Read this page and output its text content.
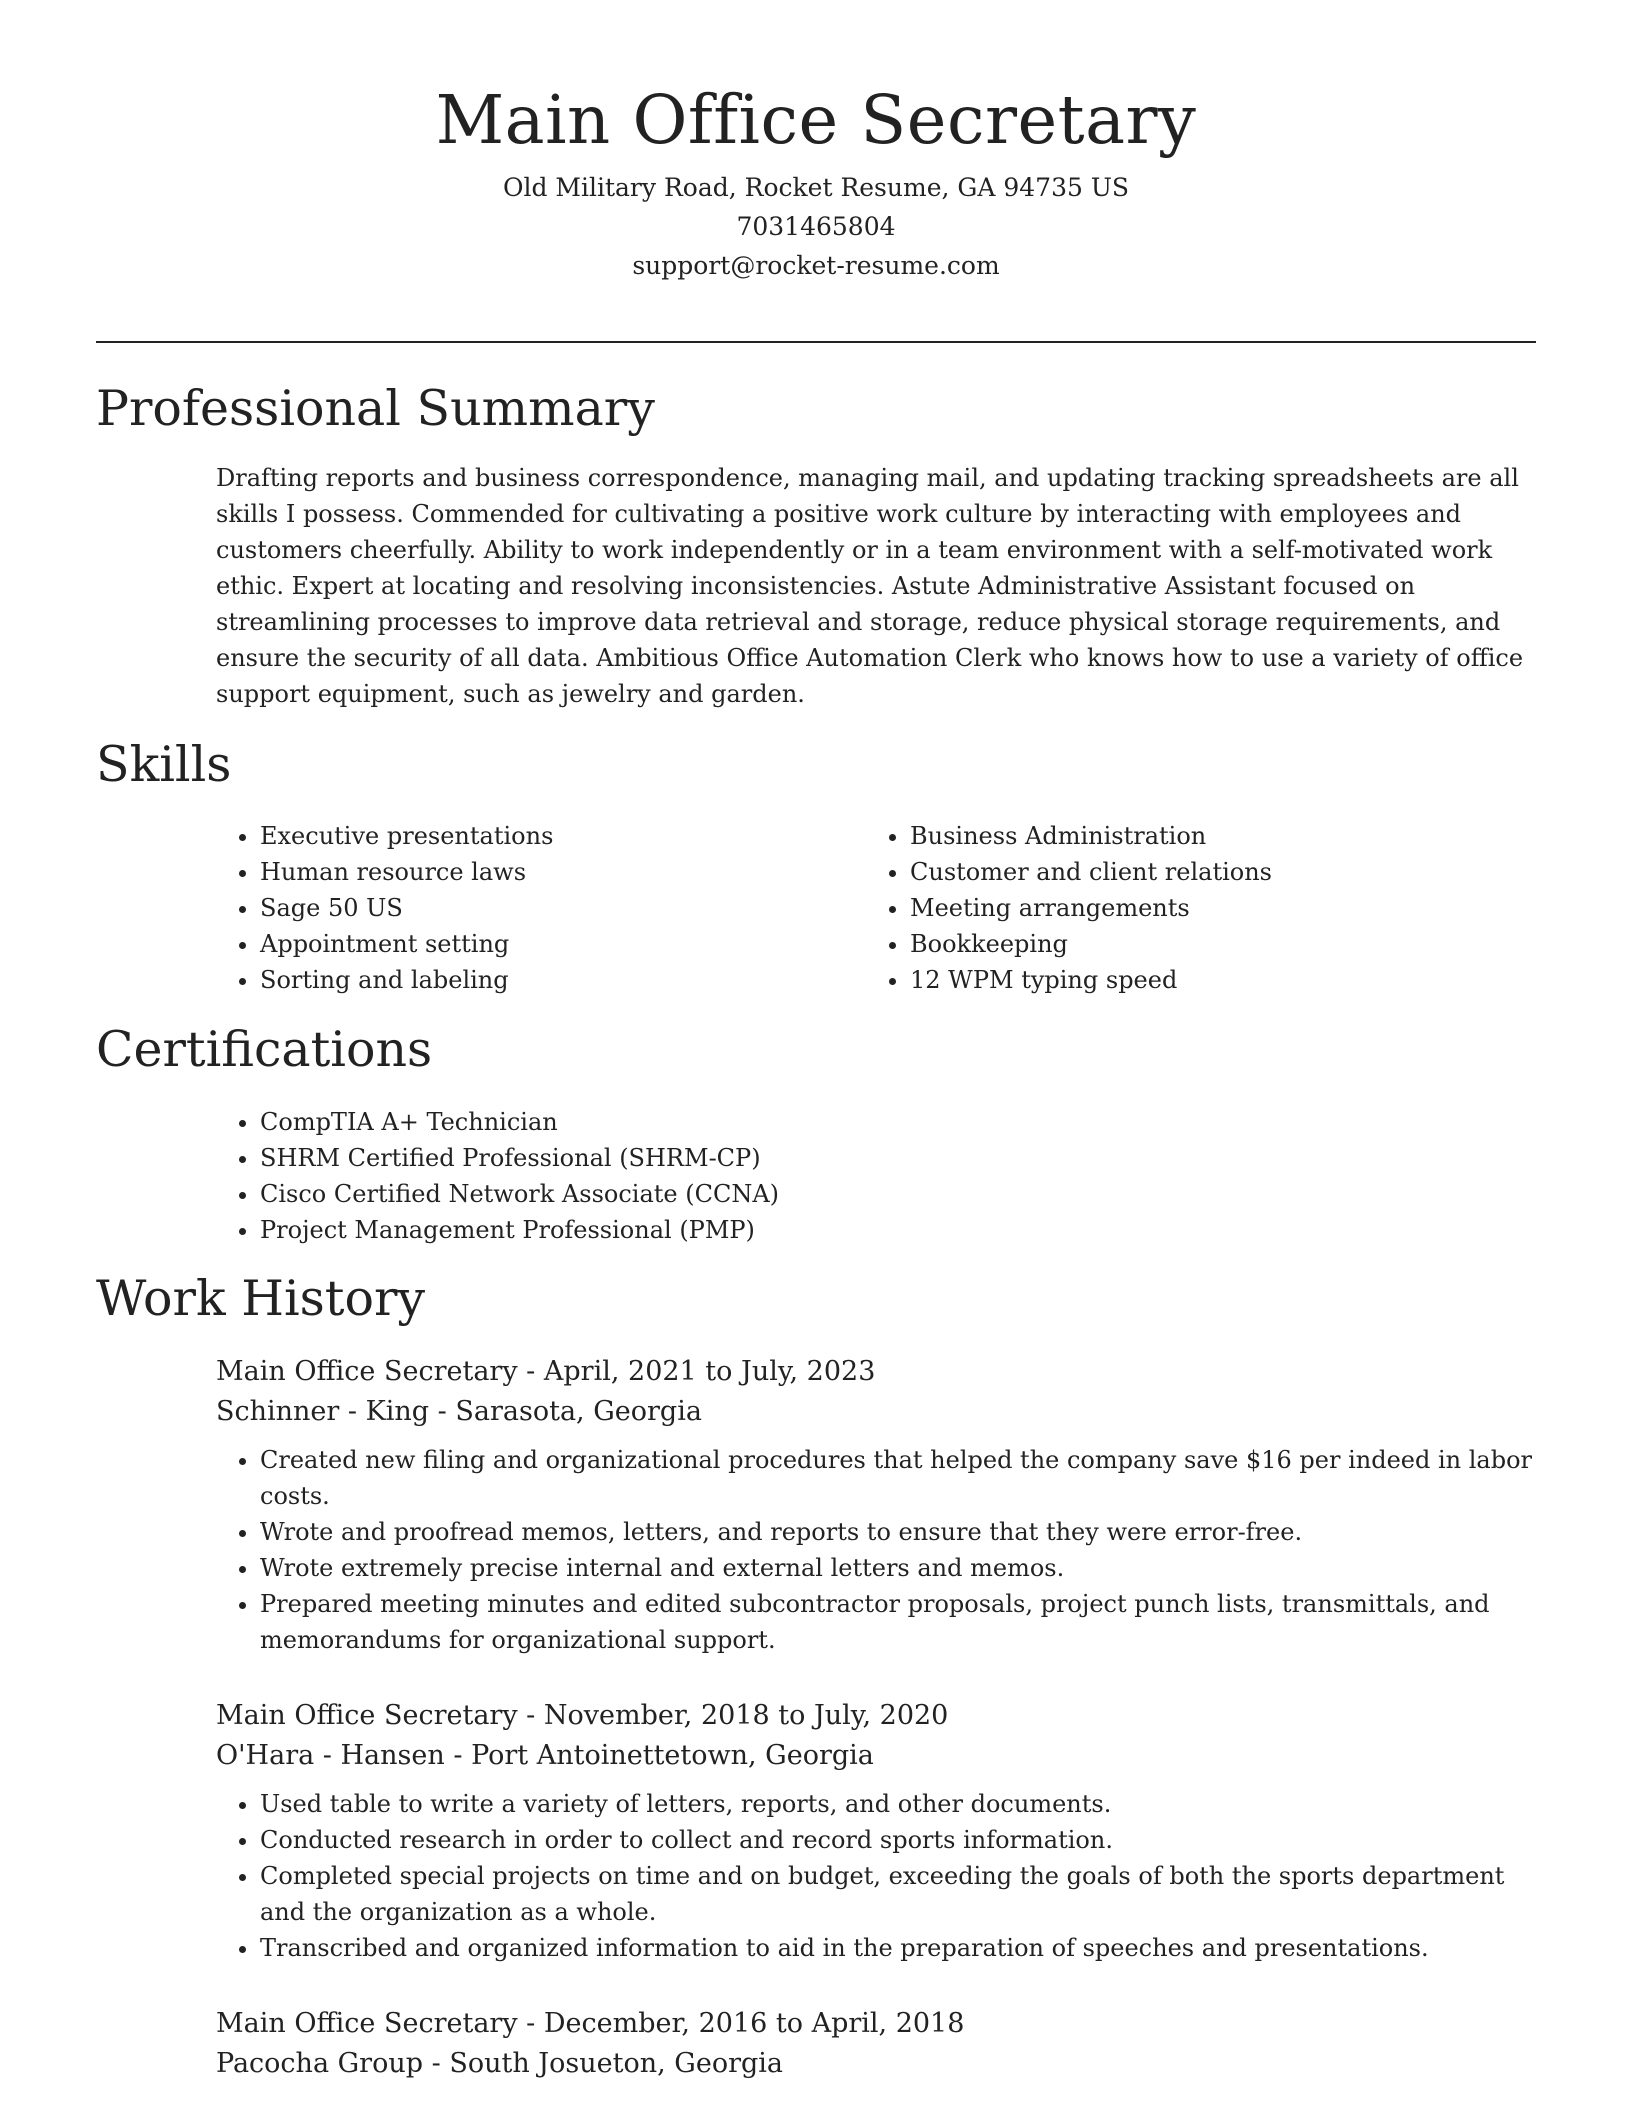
Main Office Secretary
Old Military Road, Rocket Resume, GA 94735 US
7031465804
support@rocket-resume.com
Professional Summary

Drafting reports and business correspondence, managing mail, and updating tracking spreadsheets are all skills I possess. Commended for cultivating a positive work culture by interacting with employees and customers cheerfully. Ability to work independently or in a team environment with a self-motivated work ethic. Expert at locating and resolving inconsistencies. Astute Administrative Assistant focused on streamlining processes to improve data retrieval and storage, reduce physical storage requirements, and ensure the security of all data. Ambitious Office Automation Clerk who knows how to use a variety of office support equipment, such as jewelry and garden.

Skills
• Executive presentations
• Human resource laws
• Sage 50 US
• Appointment setting
• Sorting and labeling
• Business Administration
• Customer and client relations
• Meeting arrangements
• Bookkeeping
• 12 WPM typing speed
Certifications
• CompTIA A+ Technician
• SHRM Certified Professional (SHRM-CP)
• Cisco Certified Network Associate (CCNA)
• Project Management Professional (PMP)
Work History
Main Office Secretary - April, 2021 to July, 2023
Schinner - King - Sarasota, Georgia
• Created new filing and organizational procedures that helped the company save $16 per indeed in labor costs.
• Wrote and proofread memos, letters, and reports to ensure that they were error-free.
• Wrote extremely precise internal and external letters and memos.
• Prepared meeting minutes and edited subcontractor proposals, project punch lists, transmittals, and memorandums for organizational support.
Main Office Secretary - November, 2018 to July, 2020
O'Hara - Hansen - Port Antoinettetown, Georgia
• Used table to write a variety of letters, reports, and other documents.
• Conducted research in order to collect and record sports information.
• Completed special projects on time and on budget, exceeding the goals of both the sports department and the organization as a whole.
• Transcribed and organized information to aid in the preparation of speeches and presentations.
Main Office Secretary - December, 2016 to April, 2018
Pacocha Group - South Josueton, Georgia
